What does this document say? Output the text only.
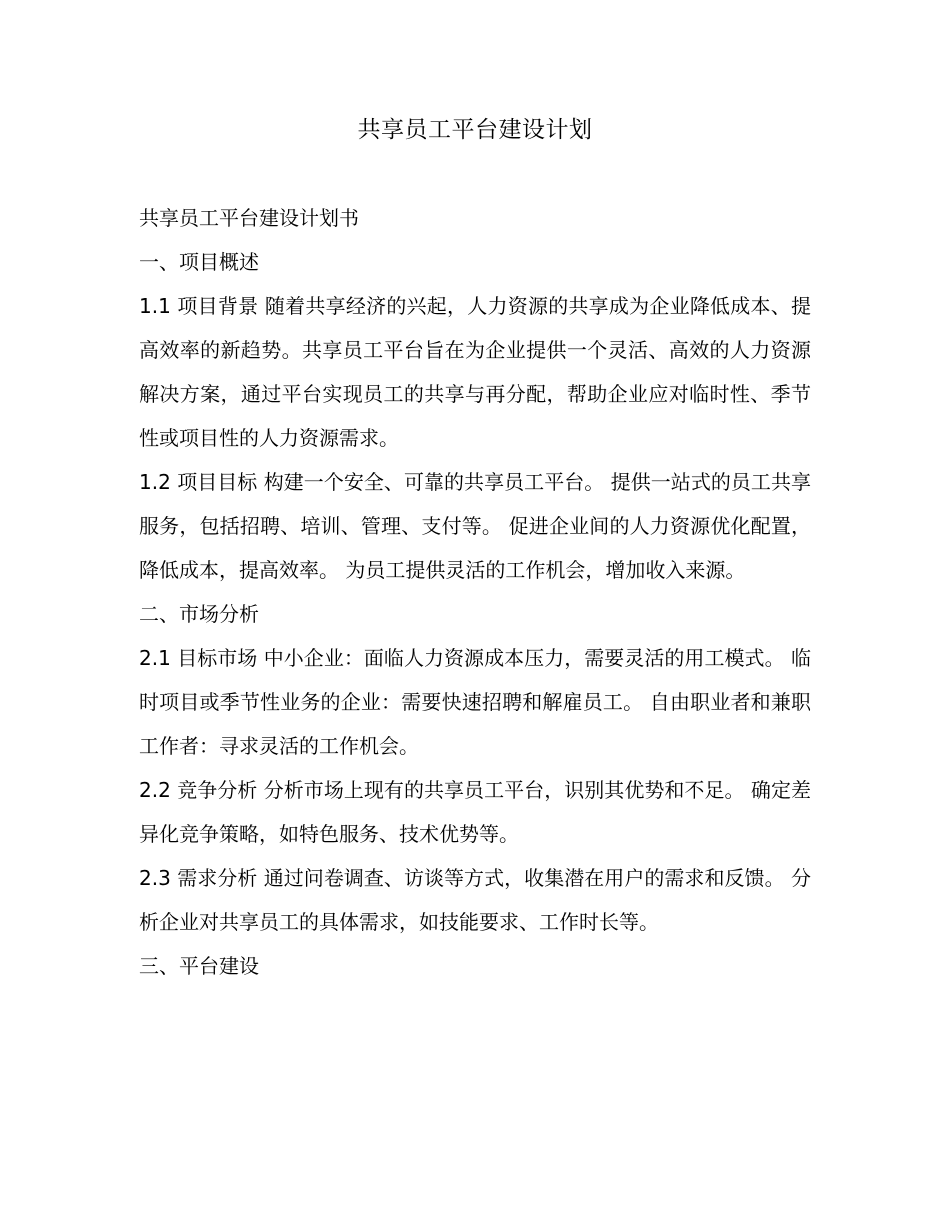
共享员工平台建设计划

共享员工平台建设计划书

一、项目概述

1.1 项目背景 随着共享经济的兴起，人力资源的共享成为企业降低成本、提高效率的新趋势。共享员工平台旨在为企业提供一个灵活、高效的人力资源解决方案，通过平台实现员工的共享与再分配，帮助企业应对临时性、季节性或项目性的人力资源需求。

1.2 项目目标 构建一个安全、可靠的共享员工平台。 提供一站式的员工共享服务，包括招聘、培训、管理、支付等。 促进企业间的人力资源优化配置，降低成本，提高效率。 为员工提供灵活的工作机会，增加收入来源。

二、市场分析

2.1 目标市场 中小企业：面临人力资源成本压力，需要灵活的用工模式。 临时项目或季节性业务的企业：需要快速招聘和解雇员工。 自由职业者和兼职工作者：寻求灵活的工作机会。

2.2 竞争分析 分析市场上现有的共享员工平台，识别其优势和不足。 确定差异化竞争策略，如特色服务、技术优势等。

2.3 需求分析 通过问卷调查、访谈等方式，收集潜在用户的需求和反馈。 分析企业对共享员工的具体需求，如技能要求、工作时长等。

三、平台建设
